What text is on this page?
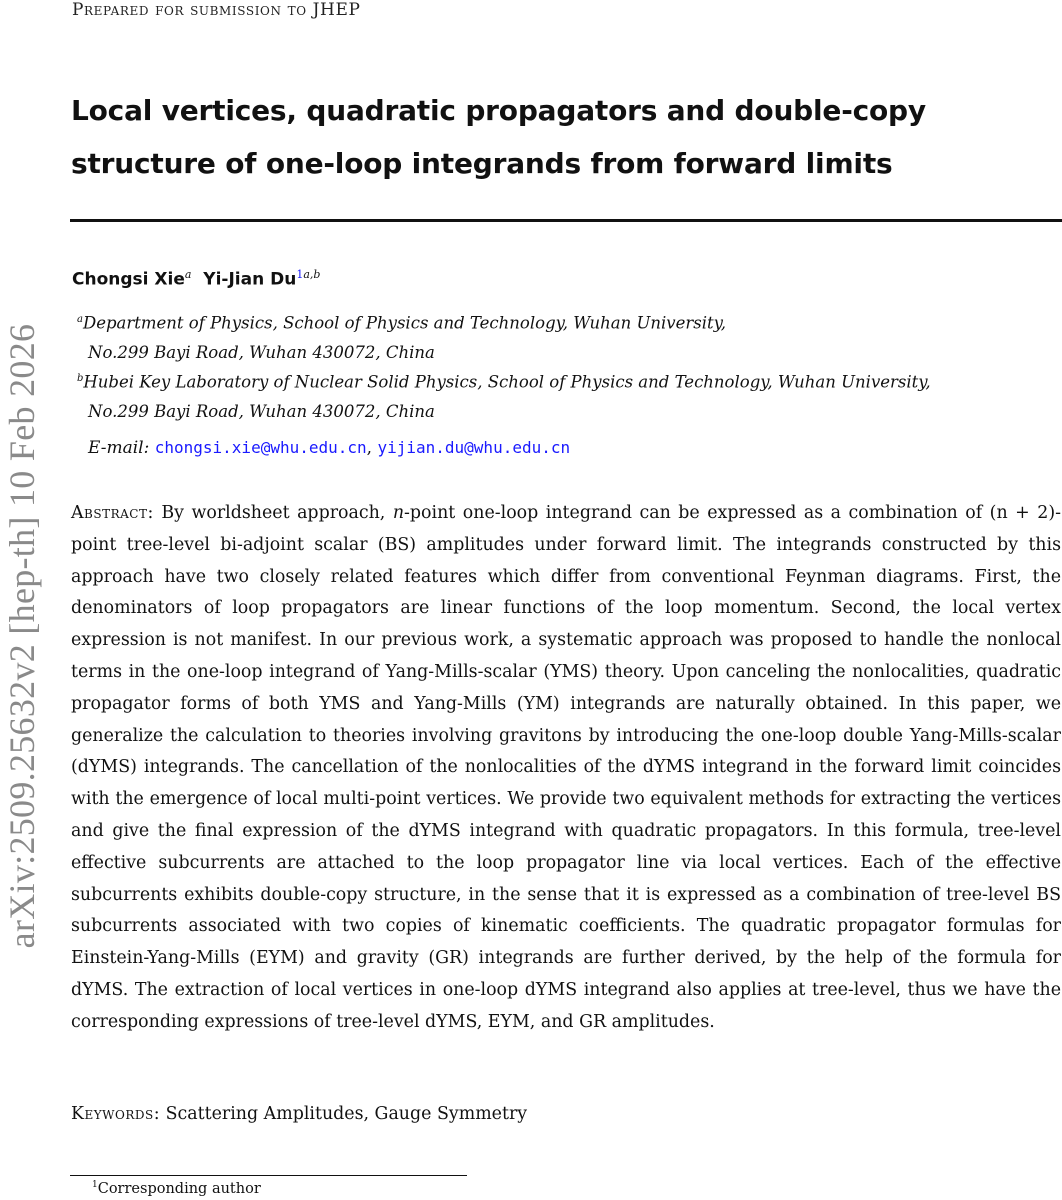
Prepared for submission to JHEP
arXiv:2509.25632v2 [hep-th] 10 Feb 2026
Local vertices, quadratic propagators and double-copy structure of one-loop integrands from forward limits
Chongsi Xie$^a$ Yi-Jian $Du^{1a,b}$
$^a$Department of Physics, School of Physics and Technology, Wuhan University,
No.299 Bayi Road, Wuhan 430072, China
$^b$Hubei Key Laboratory of Nuclear Solid Physics, School of Physics and Technology, Wuhan University,
No.299 Bayi Road, Wuhan 430072, China
E-mail: chongsi.xie@whu.edu.cn, yijian.du@whu.edu.cn
Abstract: By worldsheet approach, n-point one-loop integrand can be expressed as a combination of (n + 2)-point tree-level bi-adjoint scalar (BS) amplitudes under forward limit. The integrands constructed by this approach have two closely related features which differ from conventional Feynman diagrams. First, the denominators of loop propagators are linear functions of the loop momentum. Second, the local vertex expression is not manifest. In our previous work, a systematic approach was proposed to handle the nonlocal terms in the one-loop integrand of Yang-Mills-scalar (YMS) theory. Upon canceling the nonlocalities, quadratic propagator forms of both YMS and Yang-Mills (YM) integrands are naturally obtained. In this paper, we generalize the calculation to theories involving gravitons by introducing the one-loop double Yang-Mills-scalar (dYMS) integrands. The cancellation of the nonlocalities of the dYMS integrand in the forward limit coincides with the emergence of local multi-point vertices. We provide two equivalent methods for extracting the vertices and give the final expression of the dYMS integrand with quadratic propagators. In this formula, tree-level effective subcurrents are attached to the loop propagator line via local vertices. Each of the effective subcurrents exhibits double-copy structure, in the sense that it is expressed as a combination of tree-level BS subcurrents associated with two copies of kinematic coefficients. The quadratic propagator formulas for Einstein-Yang-Mills (EYM) and gravity (GR) integrands are further derived, by the help of the formula for dYMS. The extraction of local vertices in one-loop dYMS integrand also applies at tree-level, thus we have the corresponding expressions of tree-level dYMS, EYM, and GR amplitudes.
Keywords: Scattering Amplitudes, Gauge Symmetry
$^1$Corresponding author
